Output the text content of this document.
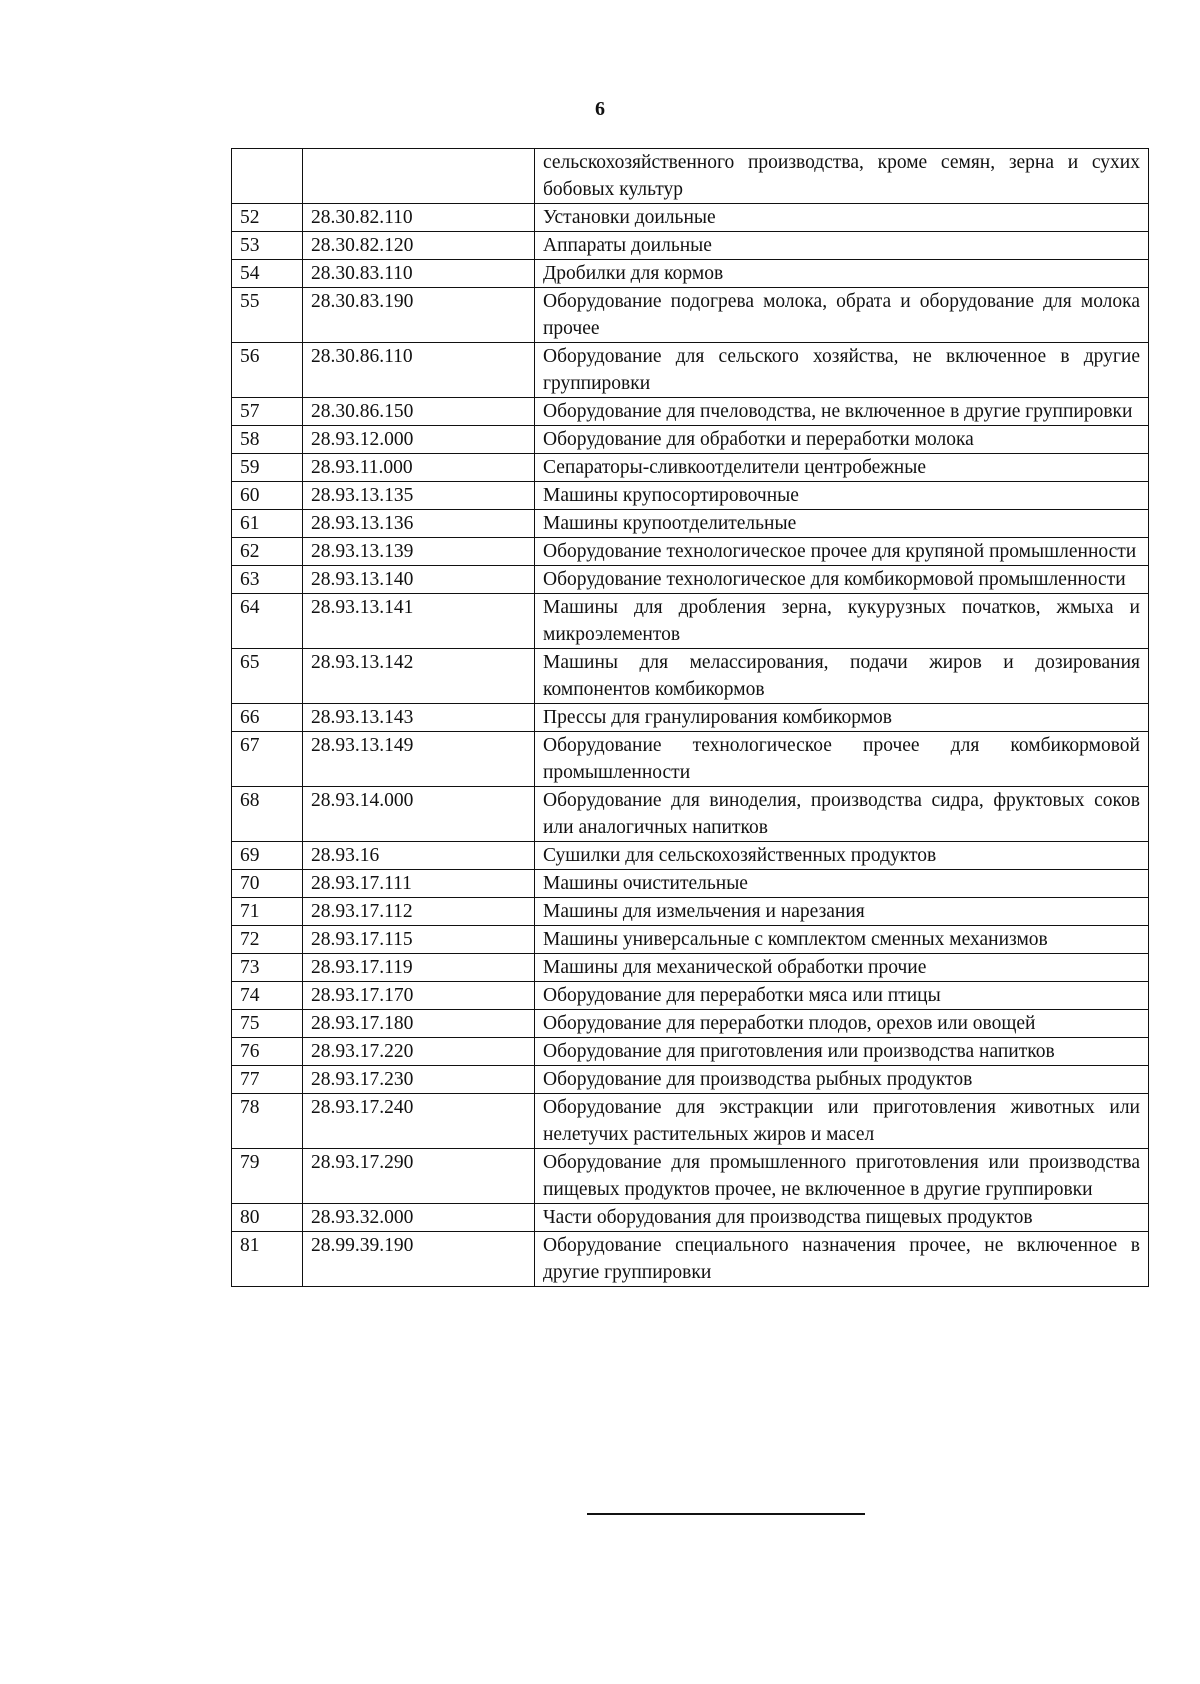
6
		сельскохозяйственного производства, кроме семян, зерна и сухих бобовых культур
52	28.30.82.110	Установки доильные
53	28.30.82.120	Аппараты доильные
54	28.30.83.110	Дробилки для кормов
55	28.30.83.190	Оборудование подогрева молока, обрата и оборудование для молока прочее
56	28.30.86.110	Оборудование для сельского хозяйства, не включенное в другие группировки
57	28.30.86.150	Оборудование для пчеловодства, не включенное в другие группировки
58	28.93.12.000	Оборудование для обработки и переработки молока
59	28.93.11.000	Сепараторы-сливкоотделители центробежные
60	28.93.13.135	Машины крупосортировочные
61	28.93.13.136	Машины крупоотделительные
62	28.93.13.139	Оборудование технологическое прочее для крупяной промышленности
63	28.93.13.140	Оборудование технологическое для комбикормовой промышленности
64	28.93.13.141	Машины для дробления зерна, кукурузных початков, жмыха и микроэлементов
65	28.93.13.142	Машины для мелассирования, подачи жиров и дозирования компонентов комбикормов
66	28.93.13.143	Прессы для гранулирования комбикормов
67	28.93.13.149	Оборудование технологическое прочее для комбикормовой промышленности
68	28.93.14.000	Оборудование для виноделия, производства сидра, фруктовых соков или аналогичных напитков
69	28.93.16	Сушилки для сельскохозяйственных продуктов
70	28.93.17.111	Машины очистительные
71	28.93.17.112	Машины для измельчения и нарезания
72	28.93.17.115	Машины универсальные с комплектом сменных механизмов
73	28.93.17.119	Машины для механической обработки прочие
74	28.93.17.170	Оборудование для переработки мяса или птицы
75	28.93.17.180	Оборудование для переработки плодов, орехов или овощей
76	28.93.17.220	Оборудование для приготовления или производства напитков
77	28.93.17.230	Оборудование для производства рыбных продуктов
78	28.93.17.240	Оборудование для экстракции или приготовления животных или нелетучих растительных жиров и масел
79	28.93.17.290	Оборудование для промышленного приготовления или производства пищевых продуктов прочее, не включенное в другие группировки
80	28.93.32.000	Части оборудования для производства пищевых продуктов
81	28.99.39.190	Оборудование специального назначения прочее, не включенное в другие группировки
